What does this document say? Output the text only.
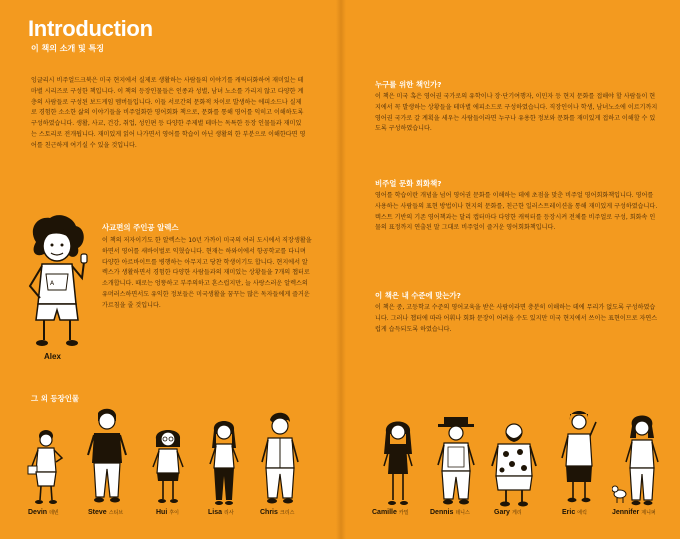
Introduction
이 책의 소개 및 특징
잉글리시 비주얼드크북은 미국 현지에서 실제로 생활하는 사람들의 이야기를 캐릭터화하여 재미있는 테마별 시리즈로 구성한 책입니다. 이 책의 등장인물들은 인종과 성별, 남녀 노소를 가리지 않고 다양한 계층의 사람들로 구성된 보드게임 멤버들입니다. 이들 서로간의 문화적 차이로 발생하는 에피소드나 실제로 경험한 소소한 삶의 이야기들을 비주얼화한 영어회화 책으로, 문화를 통해 영어를 익히고 이해하도록 구성하였습니다. 생활, 사교, 건강, 취업, 성인편 등 다양한 주제별 테마는 독특한 등장 인물들과 재미있는 스토리로 전개됩니다. 재미있게 읽어 나가면서 영어를 학습이 아닌 생활의 한 부분으로 이해한다면 영어를 친근하게 여기실 수 있을 것입니다.
A
Alex
사교편의 주인공 알렉스
이 책의 저자이기도 한 알렉스는 10년 가까이 미국의 여러 도시에서 직장생활을 하면서 영어를 새바이벌로 익혔습니다. 현재는 하와이에서 항공학교를 다니며 다양한 아르바이트를 병행하는 아무지고 당찬 학생이기도 합니다. 현지에서 알렉스가 생활하면서 경험한 다양한 사람들과의 재미있는 상황들을 7개의 챕터로 소개합니다. 때로는 엉뚱하고 부주의하고 혼스럽지만, 늘 사랑스러운 알렉스의 유머러스하면서도 유익한 정보들은 미국생활을 꿈꾸는 많은 독자들에게 즐거운 가르침을 줄 것입니다.
누구를 위한 책인가?
이 책은 미국 혹은 영어권 국가로의 유학이나 장·단기여행자, 이민자 등 현지 문화를 접해야 할 사람들이 현지에서 꼭 발생하는 상황들을 테마별 에피소드로 구성하였습니다. 직장인이나 학생, 남녀노소에 이르기까지 영어권 국가로 갈 계획을 세우는 사람들이라면 누구나 유용한 정보와 문화를 재미있게 접하고 이해할 수 있도록 구성하였습니다.
비주얼 문화 회화책?
영어를 학습이란 개념을 넘어 영어권 문화를 이해하는 데에 초점을 맞춘 비주얼 영어회화책입니다. 영어를 사용하는 사람들의 표현 방법이나 현지의 문화를, 친근한 일러스트레이션을 통해 재미있게 구성하였습니다. 텍스트 기반의 기존 영어책과는 달리 캡터마다 다양한 캐릭터를 등장시켜 전체를 비주얼로 구성, 회화속 인물의 표정까지 연출된 말 그대로 비주얼이 즐거운 영어회화책입니다.
이 책은 내 수준에 맞는가?
이 책은 중, 고등학교 수준의 영어교육을 받은 사람이라면 충분히 이해하는 데에 무리가 없도록 구성하였습니다. 그러나 챕터에 따라 어휘나 회화 문장이 어려울 수도 있지만 미국 현지에서 쓰이는 표현이므로 자연스럽게 습득되도록 하였습니다.
그 외 등장인물
Devin 데빈	Steve 스티브	Hui 후이	Lisa 리사	Chris 크리스	Camille 카밀	Dennis 데니스	Gary 게리	Eric 에릭	Jennifer 제니퍼
